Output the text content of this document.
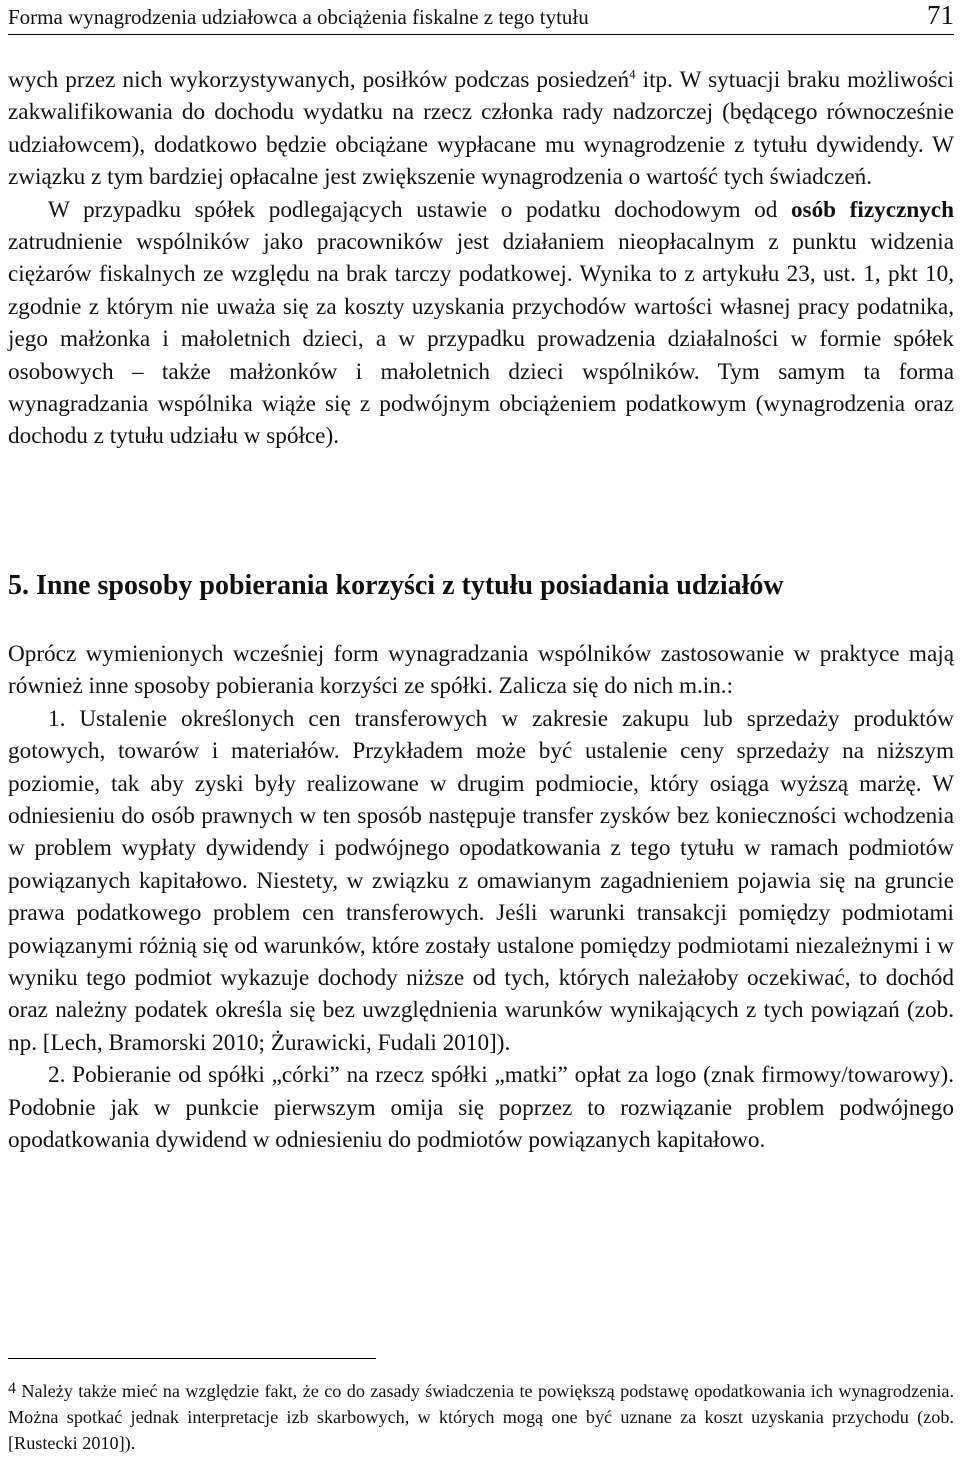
Forma wynagrodzenia udziałowca a obciążenia fiskalne z tego tytułu	71

wych przez nich wykorzystywanych, posiłków podczas posiedzeń$^4$ itp. W sytuacji braku możliwości zakwalifikowania do dochodu wydatku na rzecz członka rady nadzorczej (będącego równocześnie udziałowcem), dodatkowo będzie obciążane wypłacane mu wynagrodzenie z tytułu dywidendy. W związku z tym bardziej opłacalne jest zwiększenie wynagrodzenia o wartość tych świadczeń.

W przypadku spółek podlegających ustawie o podatku dochodowym od osób fizycznych zatrudnienie wspólników jako pracowników jest działaniem nieopłacalnym z punktu widzenia ciężarów fiskalnych ze względu na brak tarczy podatkowej. Wynika to z artykułu 23, ust. 1, pkt 10, zgodnie z którym nie uważa się za koszty uzyskania przychodów wartości własnej pracy podatnika, jego małżonka i małoletnich dzieci, a w przypadku prowadzenia działalności w formie spółek osobowych – także małżonków i małoletnich dzieci wspólników. Tym samym ta forma wynagradzania wspólnika wiąże się z podwójnym obciążeniem podatkowym (wynagrodzenia oraz dochodu z tytułu udziału w spółce).

5. Inne sposoby pobierania korzyści z tytułu posiadania udziałów

Oprócz wymienionych wcześniej form wynagradzania wspólników zastosowanie w praktyce mają również inne sposoby pobierania korzyści ze spółki. Zalicza się do nich m.in.:

1. Ustalenie określonych cen transferowych w zakresie zakupu lub sprzedaży produktów gotowych, towarów i materiałów. Przykładem może być ustalenie ceny sprzedaży na niższym poziomie, tak aby zyski były realizowane w drugim podmiocie, który osiąga wyższą marżę. W odniesieniu do osób prawnych w ten sposób następuje transfer zysków bez konieczności wchodzenia w problem wypłaty dywidendy i podwójnego opodatkowania z tego tytułu w ramach podmiotów powiązanych kapitałowo. Niestety, w związku z omawianym zagadnieniem pojawia się na gruncie prawa podatkowego problem cen transferowych. Jeśli warunki transakcji pomiędzy podmiotami powiązanymi różnią się od warunków, które zostały ustalone pomiędzy podmiotami niezależnymi i w wyniku tego podmiot wykazuje dochody niższe od tych, których należałoby oczekiwać, to dochód oraz należny podatek określa się bez uwzględnienia warunków wynikających z tych powiązań (zob. np. [Lech, Bramorski 2010; Żurawicki, Fudali 2010]).

2. Pobieranie od spółki „córki” na rzecz spółki „matki” opłat za logo (znak firmowy/towarowy). Podobnie jak w punkcie pierwszym omija się poprzez to rozwiązanie problem podwójnego opodatkowania dywidend w odniesieniu do podmiotów powiązanych kapitałowo.

4 Należy także mieć na względzie fakt, że co do zasady świadczenia te powiększą podstawę opodatkowania ich wynagrodzenia. Można spotkać jednak interpretacje izb skarbowych, w których mogą one być uznane za koszt uzyskania przychodu (zob. [Rustecki 2010]).
